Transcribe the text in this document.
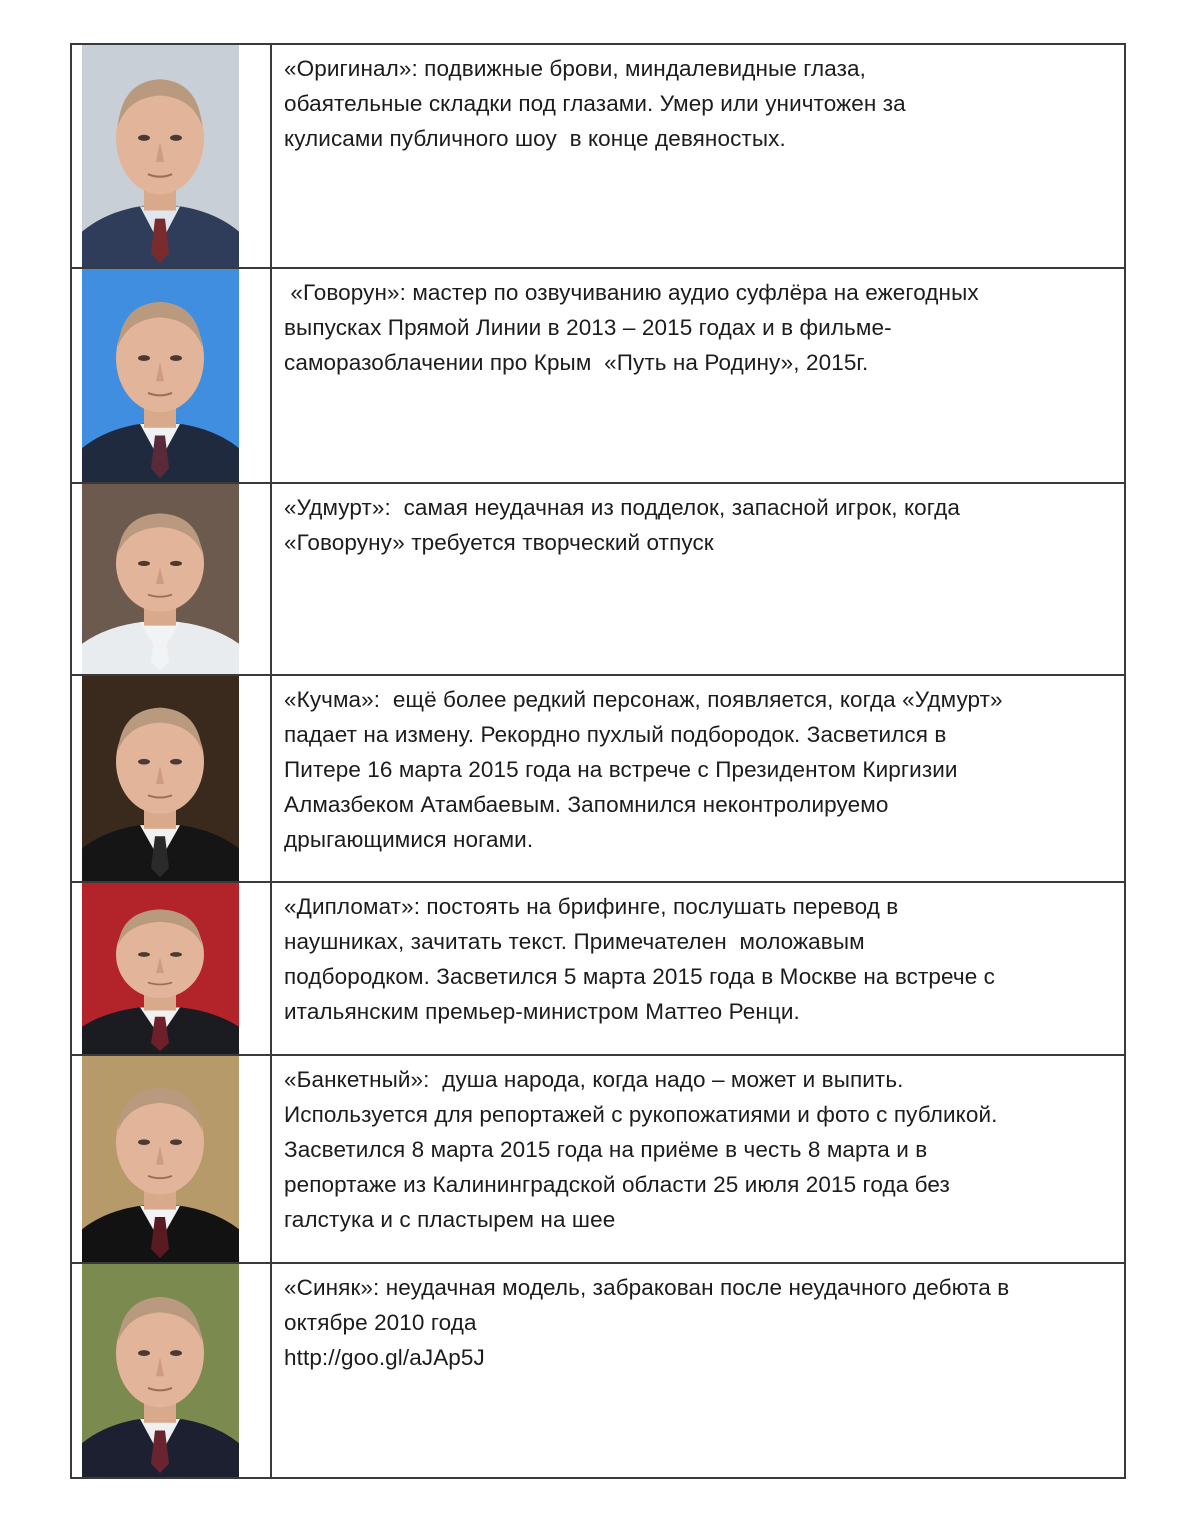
«Оригинал»: подвижные брови, миндалевидные глаза,
обаятельные складки под глазами. Умер или уничтожен за
кулисами публичного шоу  в конце девяностых.

«Говорун»: мастер по озвучиванию аудио суфлёра на ежегодных
выпусках Прямой Линии в 2013 – 2015 годах и в фильме-
саморазоблачении про Крым  «Путь на Родину», 2015г.

«Удмурт»:  самая неудачная из подделок, запасной игрок, когда
«Говоруну» требуется творческий отпуск

«Кучма»:  ещё более редкий персонаж, появляется, когда «Удмурт»
падает на измену. Рекордно пухлый подбородок. Засветился в
Питере 16 марта 2015 года на встрече с Президентом Киргизии
Алмазбеком Атамбаевым. Запомнился неконтролируемо
дрыгающимися ногами.

«Дипломат»: постоять на брифинге, послушать перевод в
наушниках, зачитать текст. Примечателен  моложавым
подбородком. Засветился 5 марта 2015 года в Москве на встрече с
итальянским премьер-министром Маттео Ренци.

«Банкетный»:  душа народа, когда надо – может и выпить.
Используется для репортажей с рукопожатиями и фото с публикой.
Засветился 8 марта 2015 года на приёме в честь 8 марта и в
репортаже из Калининградской области 25 июля 2015 года без
галстука и с пластырем на шее

«Синяк»: неудачная модель, забракован после неудачного дебюта в
октябре 2010 года
http://goo.gl/aJAp5J
